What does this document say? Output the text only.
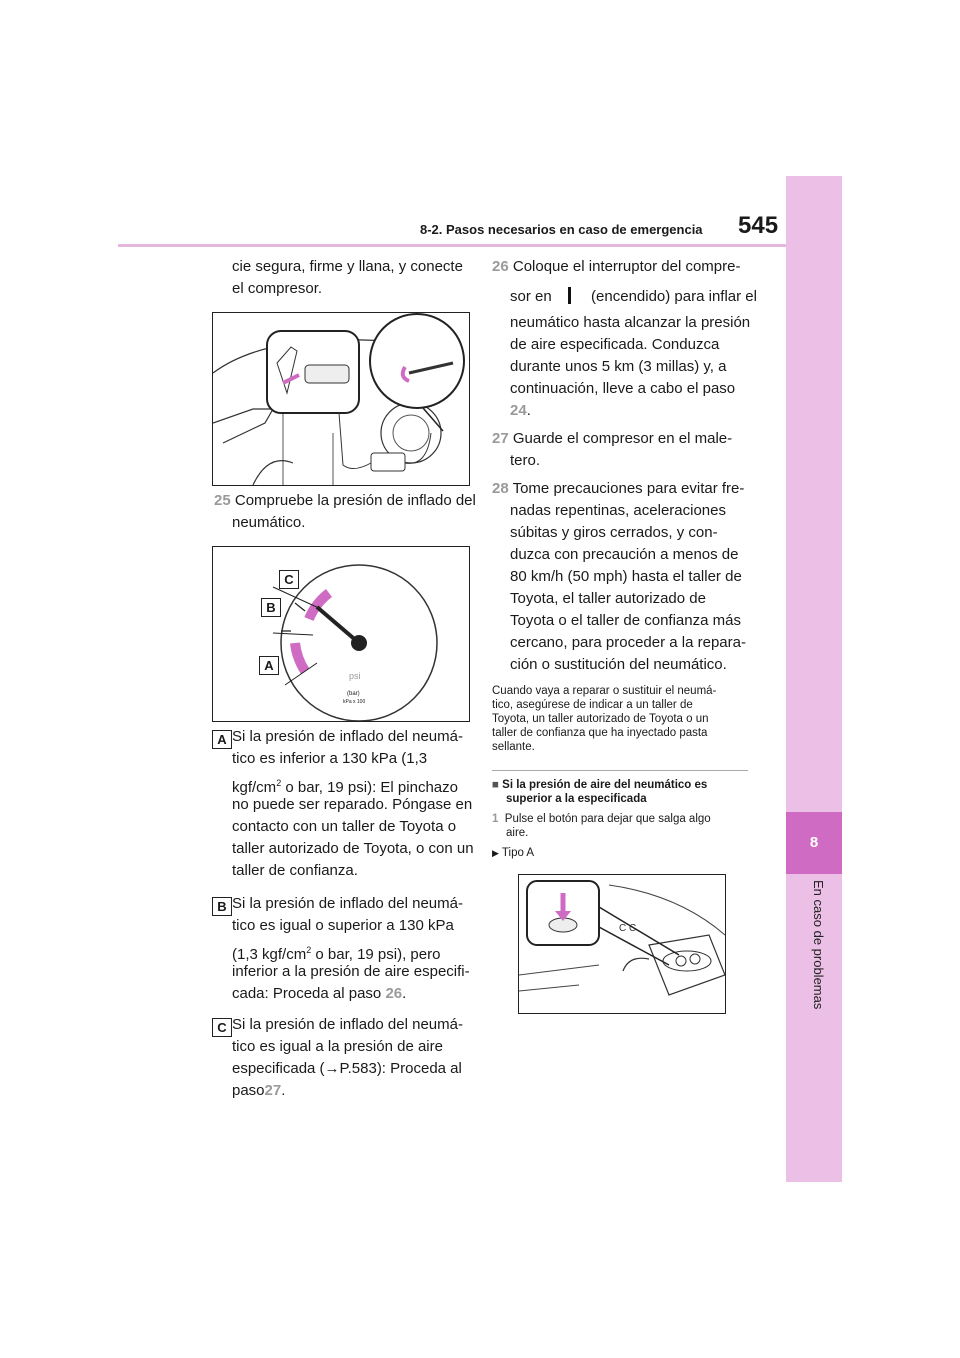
8-2. Pasos necesarios en caso de emergencia 545
8
En caso de problemas
cie segura, firme y llana, y conecte
el compresor.
25 Compruebe la presión de inflado del
neumático.
C
B
A
psi
(bar)
kPa x 100
A Si la presión de inflado del neumá-
tico es inferior a 130 kPa (1,3
kgf/$cm^2$ o bar, 19 psi): El pinchazo
no puede ser reparado. Póngase en
contacto con un taller de Toyota o
taller autorizado de Toyota, o con un
taller de confianza.
B Si la presión de inflado del neumá-
tico es igual o superior a 130 kPa
(1,3 kgf/$cm^2$ o bar, 19 psi), pero
inferior a la presión de aire especifi-
cada: Proceda al paso 26.
C Si la presión de inflado del neumá-
tico es igual a la presión de aire
especificada (→P.583): Proceda al
paso27.
26 Coloque el interruptor del compre-
sor en	(encendido) para inflar el
neumático hasta alcanzar la presión
de aire especificada. Conduzca
durante unos 5 km (3 millas) y, a
continuación, lleve a cabo el paso
24.
27 Guarde el compresor en el male-
tero.
28 Tome precauciones para evitar fre-
nadas repentinas, aceleraciones
súbitas y giros cerrados, y con-
duzca con precaución a menos de
80 km/h (50 mph) hasta el taller de
Toyota, el taller autorizado de
Toyota o el taller de confianza más
cercano, para proceder a la repara-
ción o sustitución del neumático.
Cuando vaya a reparar o sustituir el neumá-
tico, asegúrese de indicar a un taller de
Toyota, un taller autorizado de Toyota o un
taller de confianza que ha inyectado pasta
sellante.
■ Si la presión de aire del neumático es
superior a la especificada
1 Pulse el botón para dejar que salga algo
aire.
▶ Tipo A
C C
